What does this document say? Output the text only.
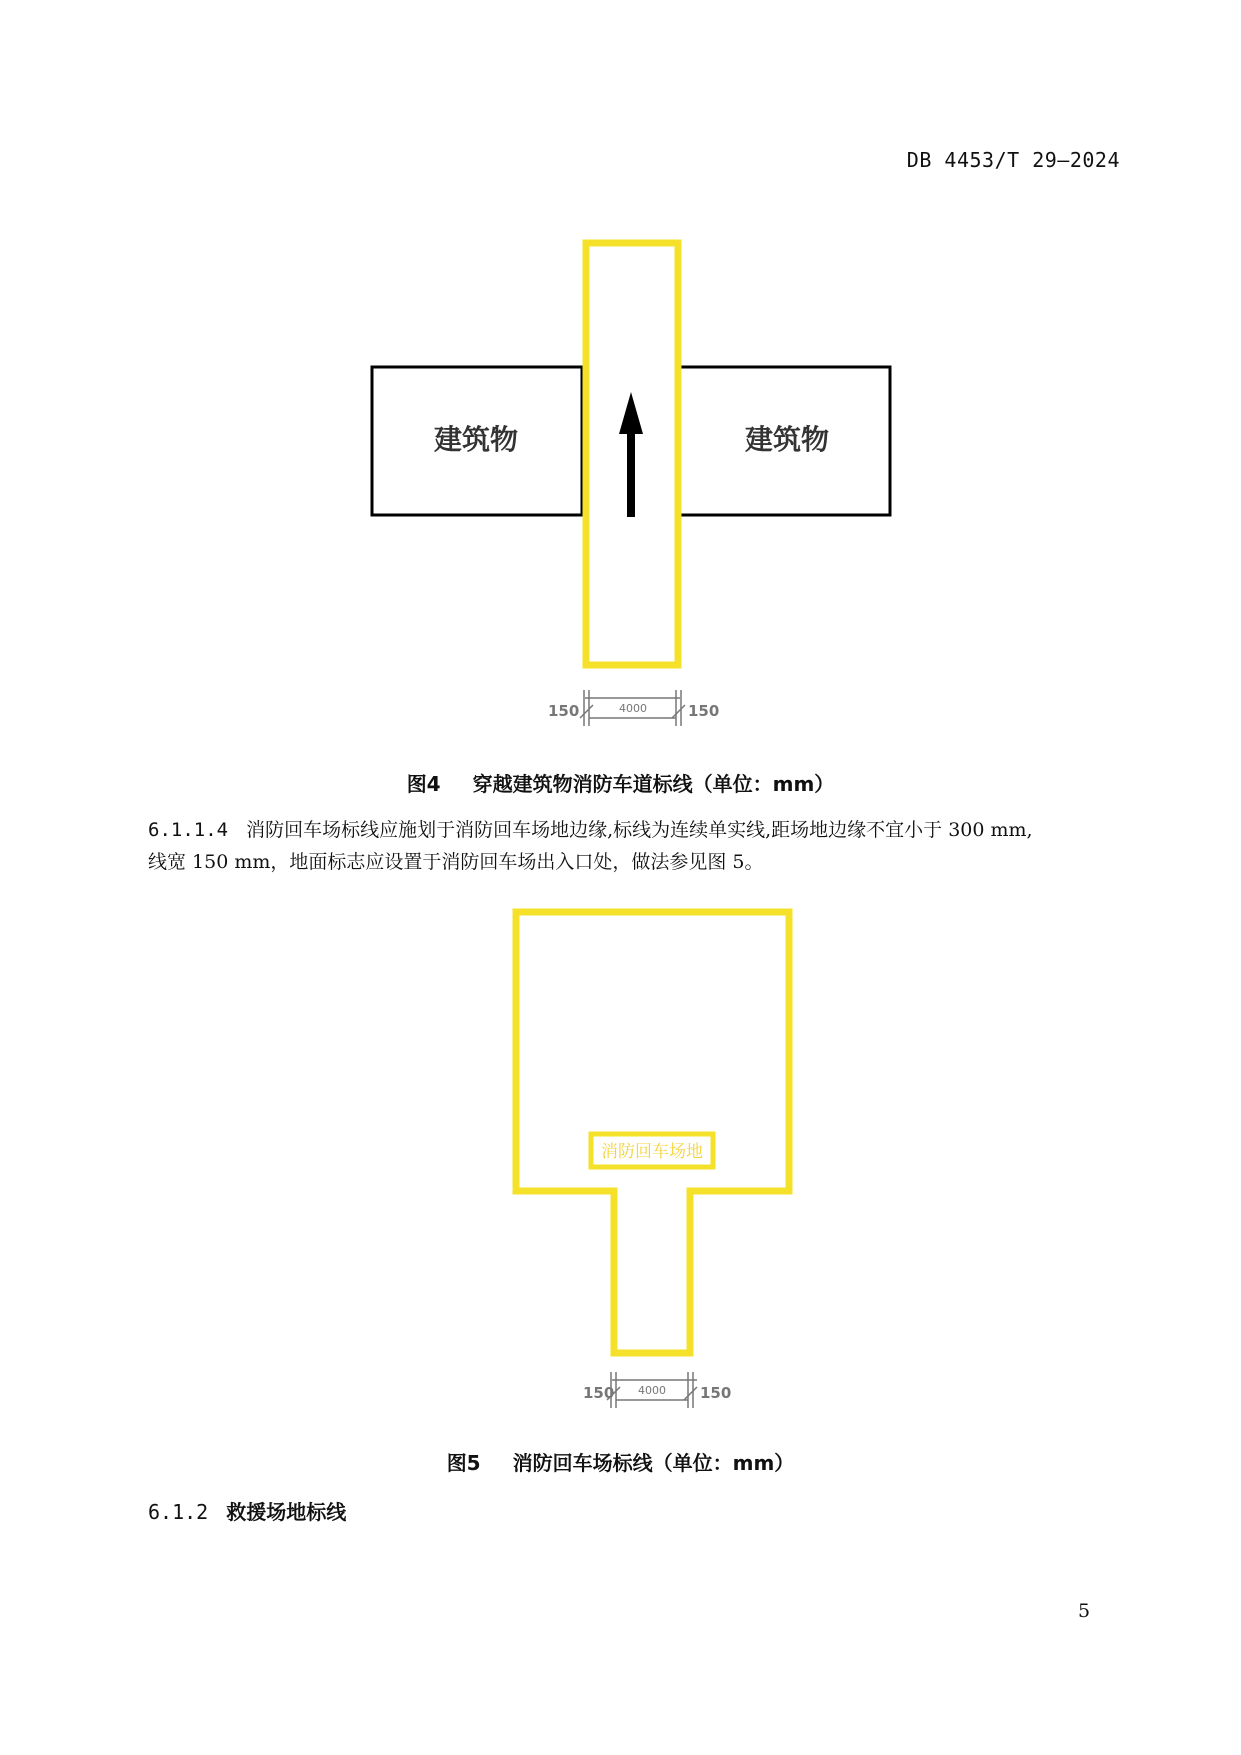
DB 4453/T 29—2024
建筑物	建筑物
150	4000	150
图4 穿越建筑物消防车道标线（单位：mm）
6.1.1.4 消防回车场标线应施划于消防回车场地边缘,标线为连续单实线,距场地边缘不宜小于 300 mm,
线宽 150 mm，地面标志应设置于消防回车场出入口处，做法参见图 5。
消防回车场地
150 4000 150
图5 消防回车场标线（单位：mm）
6.1.2 救援场地标线
5
